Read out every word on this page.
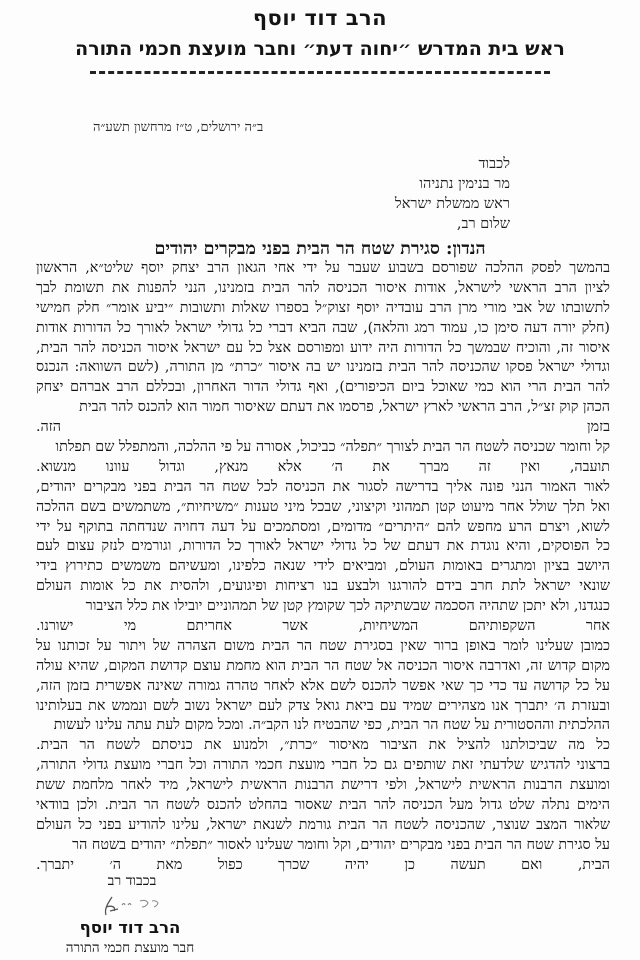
הרב דוד יוסף
ראש בית המדרש ״יחוה דעת״ וחבר מועצת חכמי התורה
ב״ה ירושלים, ט״ז מרחשון תשע״ה
לכבוד
מר בנימין נתניהו
ראש ממשלת ישראל
שלום רב,
הנדון: סגירת שטח הר הבית בפני מבקרים יהודים
בהמשך לפסק ההלכה שפורסם בשבוע שעבר על ידי אחי הגאון הרב יצחק יוסף שליט״א, הראשון
לציון הרב הראשי לישראל, אודות איסור הכניסה להר הבית בזמנינו, הנני להפנות את תשומת לבך
לתשובתו של אבי מורי מרן הרב עובדיה יוסף זצוק״ל בספרו שאלות ותשובות ״יביע אומר״ חלק חמישי
(חלק יורה דעה סימן כו, עמוד רמג והלאה), שבה הביא דברי כל גדולי ישראל לאורך כל הדורות אודות
איסור זה, והוכיח שבמשך כל הדורות היה ידוע ומפורסם אצל כל עם ישראל איסור הכניסה להר הבית,
וגדולי ישראל פסקו שהכניסה להר הבית בזמנינו יש בה איסור ״כרת״ מן התורה, (לשם השוואה: הנכנס
להר הבית הרי הוא כמי שאוכל ביום הכיפורים), ואף גדולי הדור האחרון, ובכללם הרב אברהם יצחק
הכהן קוק זצ״ל, הרב הראשי לארץ ישראל, פרסמו את דעתם שאיסור חמור הוא להכנס להר הבית
בזמן הזה.
קל וחומר שכניסה לשטח הר הבית לצורך ״תפלה״ כביכול, אסורה על פי ההלכה, והמתפלל שם תפלתו
תועבה, ואין זה מברך את ה׳ אלא מנאץ, וגדול עוונו מנשוא.
לאור האמור הנני פונה אליך בדרישה לסגור את הכניסה לכל שטח הר הבית בפני מבקרים יהודים,
ואל תלך שולל אחר מיעוט קטן תמהוני וקיצוני, שבכל מיני טענות ״משיחיות״, משתמשים בשם ההלכה
לשוא, ויצרם הרע מחפש להם ״היתרים״ מדומים, ומסתמכים על דעה דחויה שנדחתה בתוקף על ידי
כל הפוסקים, והיא נוגדת את דעתם של כל גדולי ישראל לאורך כל הדורות, וגורמים לנזק עצום לעם
היושב בציון ומתגרים באומות העולם, ומביאים לידי שנאה כלפינו, ומעשיהם משמשים כתירוץ בידי
שונאי ישראל לתת חרב בידם להורגנו ולבצע בנו רציחות ופיגועים, ולהסית את כל אומות העולם
כנגדנו, ולא יתכן שתהיה הסכמה שבשתיקה לכך שקומץ קטן של תמהוניים יובילו את כלל הציבור
אחר השקפותיהם המשיחיות, אשר אחריתם מי ישורנו.
כמובן שעלינו לומר באופן ברור שאין בסגירת שטח הר הבית משום הצהרה של ויתור על זכותנו על
מקום קדוש זה, ואדרבה איסור הכניסה אל שטח הר הבית הוא מחמת עוצם קדושת המקום, שהיא עולה
על כל קדושה עד כדי כך שאי אפשר להכנס לשם אלא לאחר טהרה גמורה שאינה אפשרית בזמן הזה,
ובעזרת ה׳ יתברך אנו מצהירים שמיד עם ביאת גואל צדק לעם ישראל נשוב לשם ונממש את בעלותינו
ההלכתית וההסטורית על שטח הר הבית, כפי שהבטיח לנו הקב״ה. ומכל מקום לעת עתה עלינו לעשות
כל מה שביכולתנו להציל את הציבור מאיסור ״כרת״, ולמנוע את כניסתם לשטח הר הבית.
ברצוני להדגיש שלדעתי זאת שותפים גם כל חברי מועצת חכמי התורה וכל חברי מועצת גדולי התורה,
ומועצת הרבנות הראשית לישראל, ולפי דרישת הרבנות הראשית לישראל, מיד לאחר מלחמת ששת
הימים נתלה שלט גדול מעל הכניסה להר הבית שאסור בהחלט להכנס לשטח הר הבית. ולכן בוודאי
שלאור המצב שנוצר, שהכניסה לשטח הר הבית גורמת לשנאת ישראל, עלינו להודיע בפני כל העולם
על סגירת שטח הר הבית בפני מבקרים יהודים, וקל וחומר שעלינו לאסור ״תפלת״ יהודים בשטח הר
הבית, ואם תעשה כן יהיה שכרך כפול מאת ה׳ יתברך.
בכבוד רב
הרב דוד יוסף
חבר מועצת חכמי התורה
